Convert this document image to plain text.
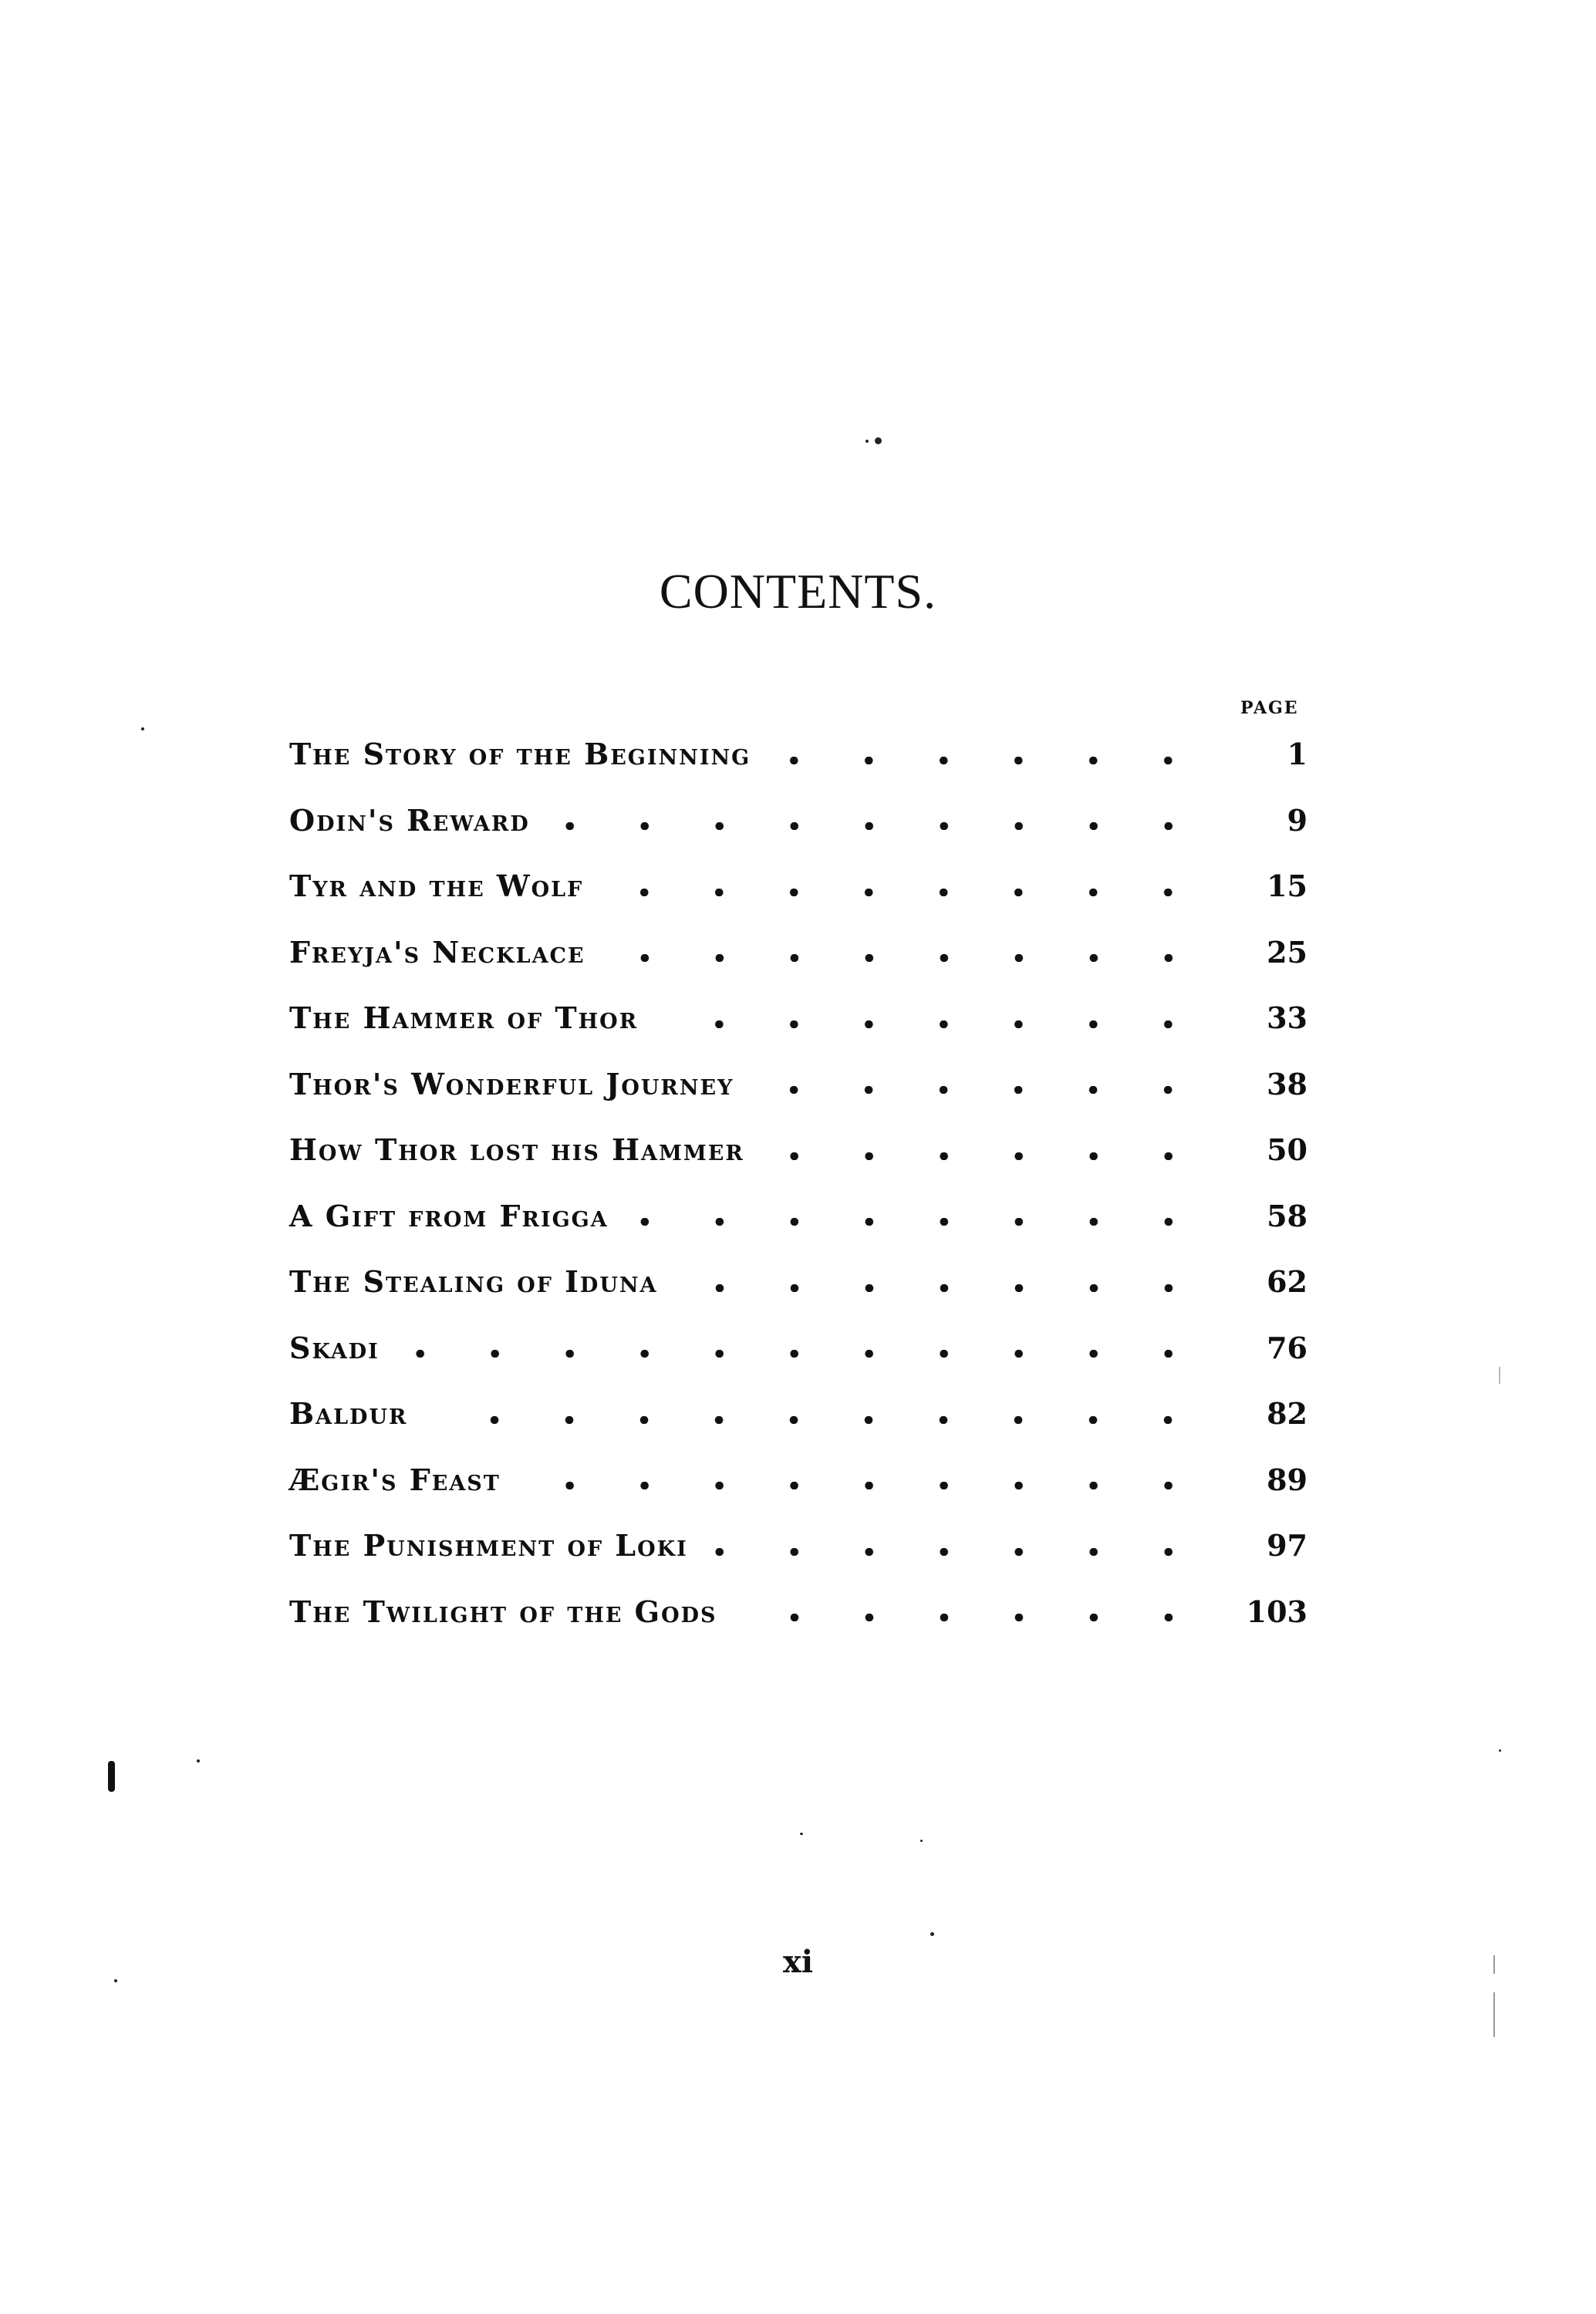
CONTENTS.
PAGE
The Story of the Beginning	1
Odin's Reward	9
Tyr and the Wolf	15
Freyja's Necklace	25
The Hammer of Thor	33
Thor's Wonderful Journey	38
How Thor lost his Hammer	50
A Gift from Frigga	58
The Stealing of Iduna	62
Skadi	76
Baldur	82
Ægir's Feast	89
The Punishment of Loki	97
The Twilight of the Gods	103
xi
